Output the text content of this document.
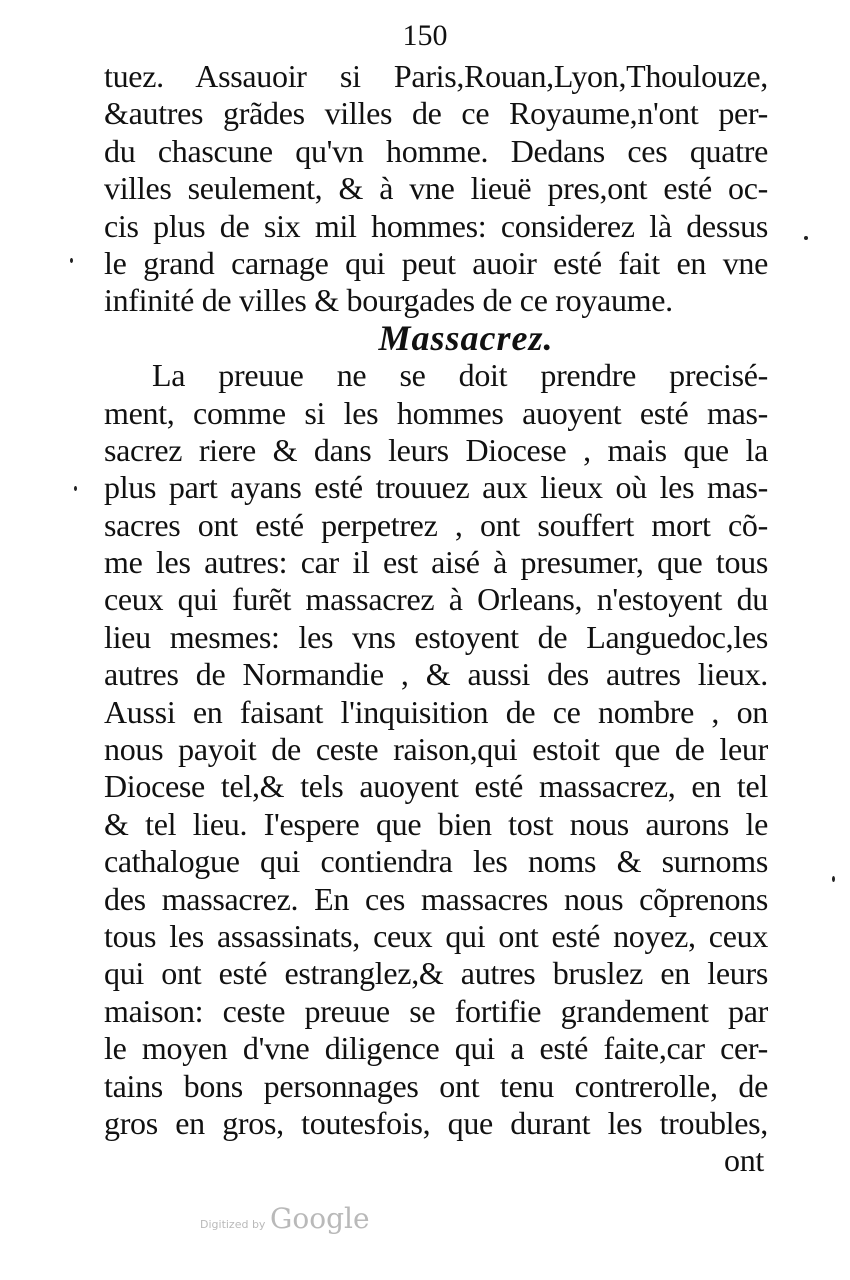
150
tuez. Assauoir si Paris,Rouan,Lyon,Thoulouze,
&autres grãdes villes de ce Royaume,n'ont per-
du chascune qu'vn homme. Dedans ces quatre
villes seulement, & à vne lieuë pres,ont esté oc-
cis plus de six mil hommes: considerez là dessus
le grand carnage qui peut auoir esté fait en vne
infinité de villes & bourgades de ce royaume.
Massacrez.
La preuue ne se doit prendre precisé-
ment, comme si les hommes auoyent esté mas-
sacrez riere & dans leurs Diocese , mais que la
plus part ayans esté trouuez aux lieux où les mas-
sacres ont esté perpetrez , ont souffert mort cõ-
me les autres: car il est aisé à presumer, que tous
ceux qui furẽt massacrez à Orleans, n'estoyent du
lieu mesmes: les vns estoyent de Languedoc,les
autres de Normandie , & aussi des autres lieux.
Aussi en faisant l'inquisition de ce nombre , on
nous payoit de ceste raison,qui estoit que de leur
Diocese tel,& tels auoyent esté massacrez, en tel
& tel lieu. I'espere que bien tost nous aurons le
cathalogue qui contiendra les noms & surnoms
des massacrez. En ces massacres nous cõprenons
tous les assassinats, ceux qui ont esté noyez, ceux
qui ont esté estranglez,& autres bruslez en leurs
maison: ceste preuue se fortifie grandement par
le moyen d'vne diligence qui a esté faite,car cer-
tains bons personnages ont tenu contrerolle, de
gros en gros, toutesfois, que durant les troubles,
ont
Digitized by Google
